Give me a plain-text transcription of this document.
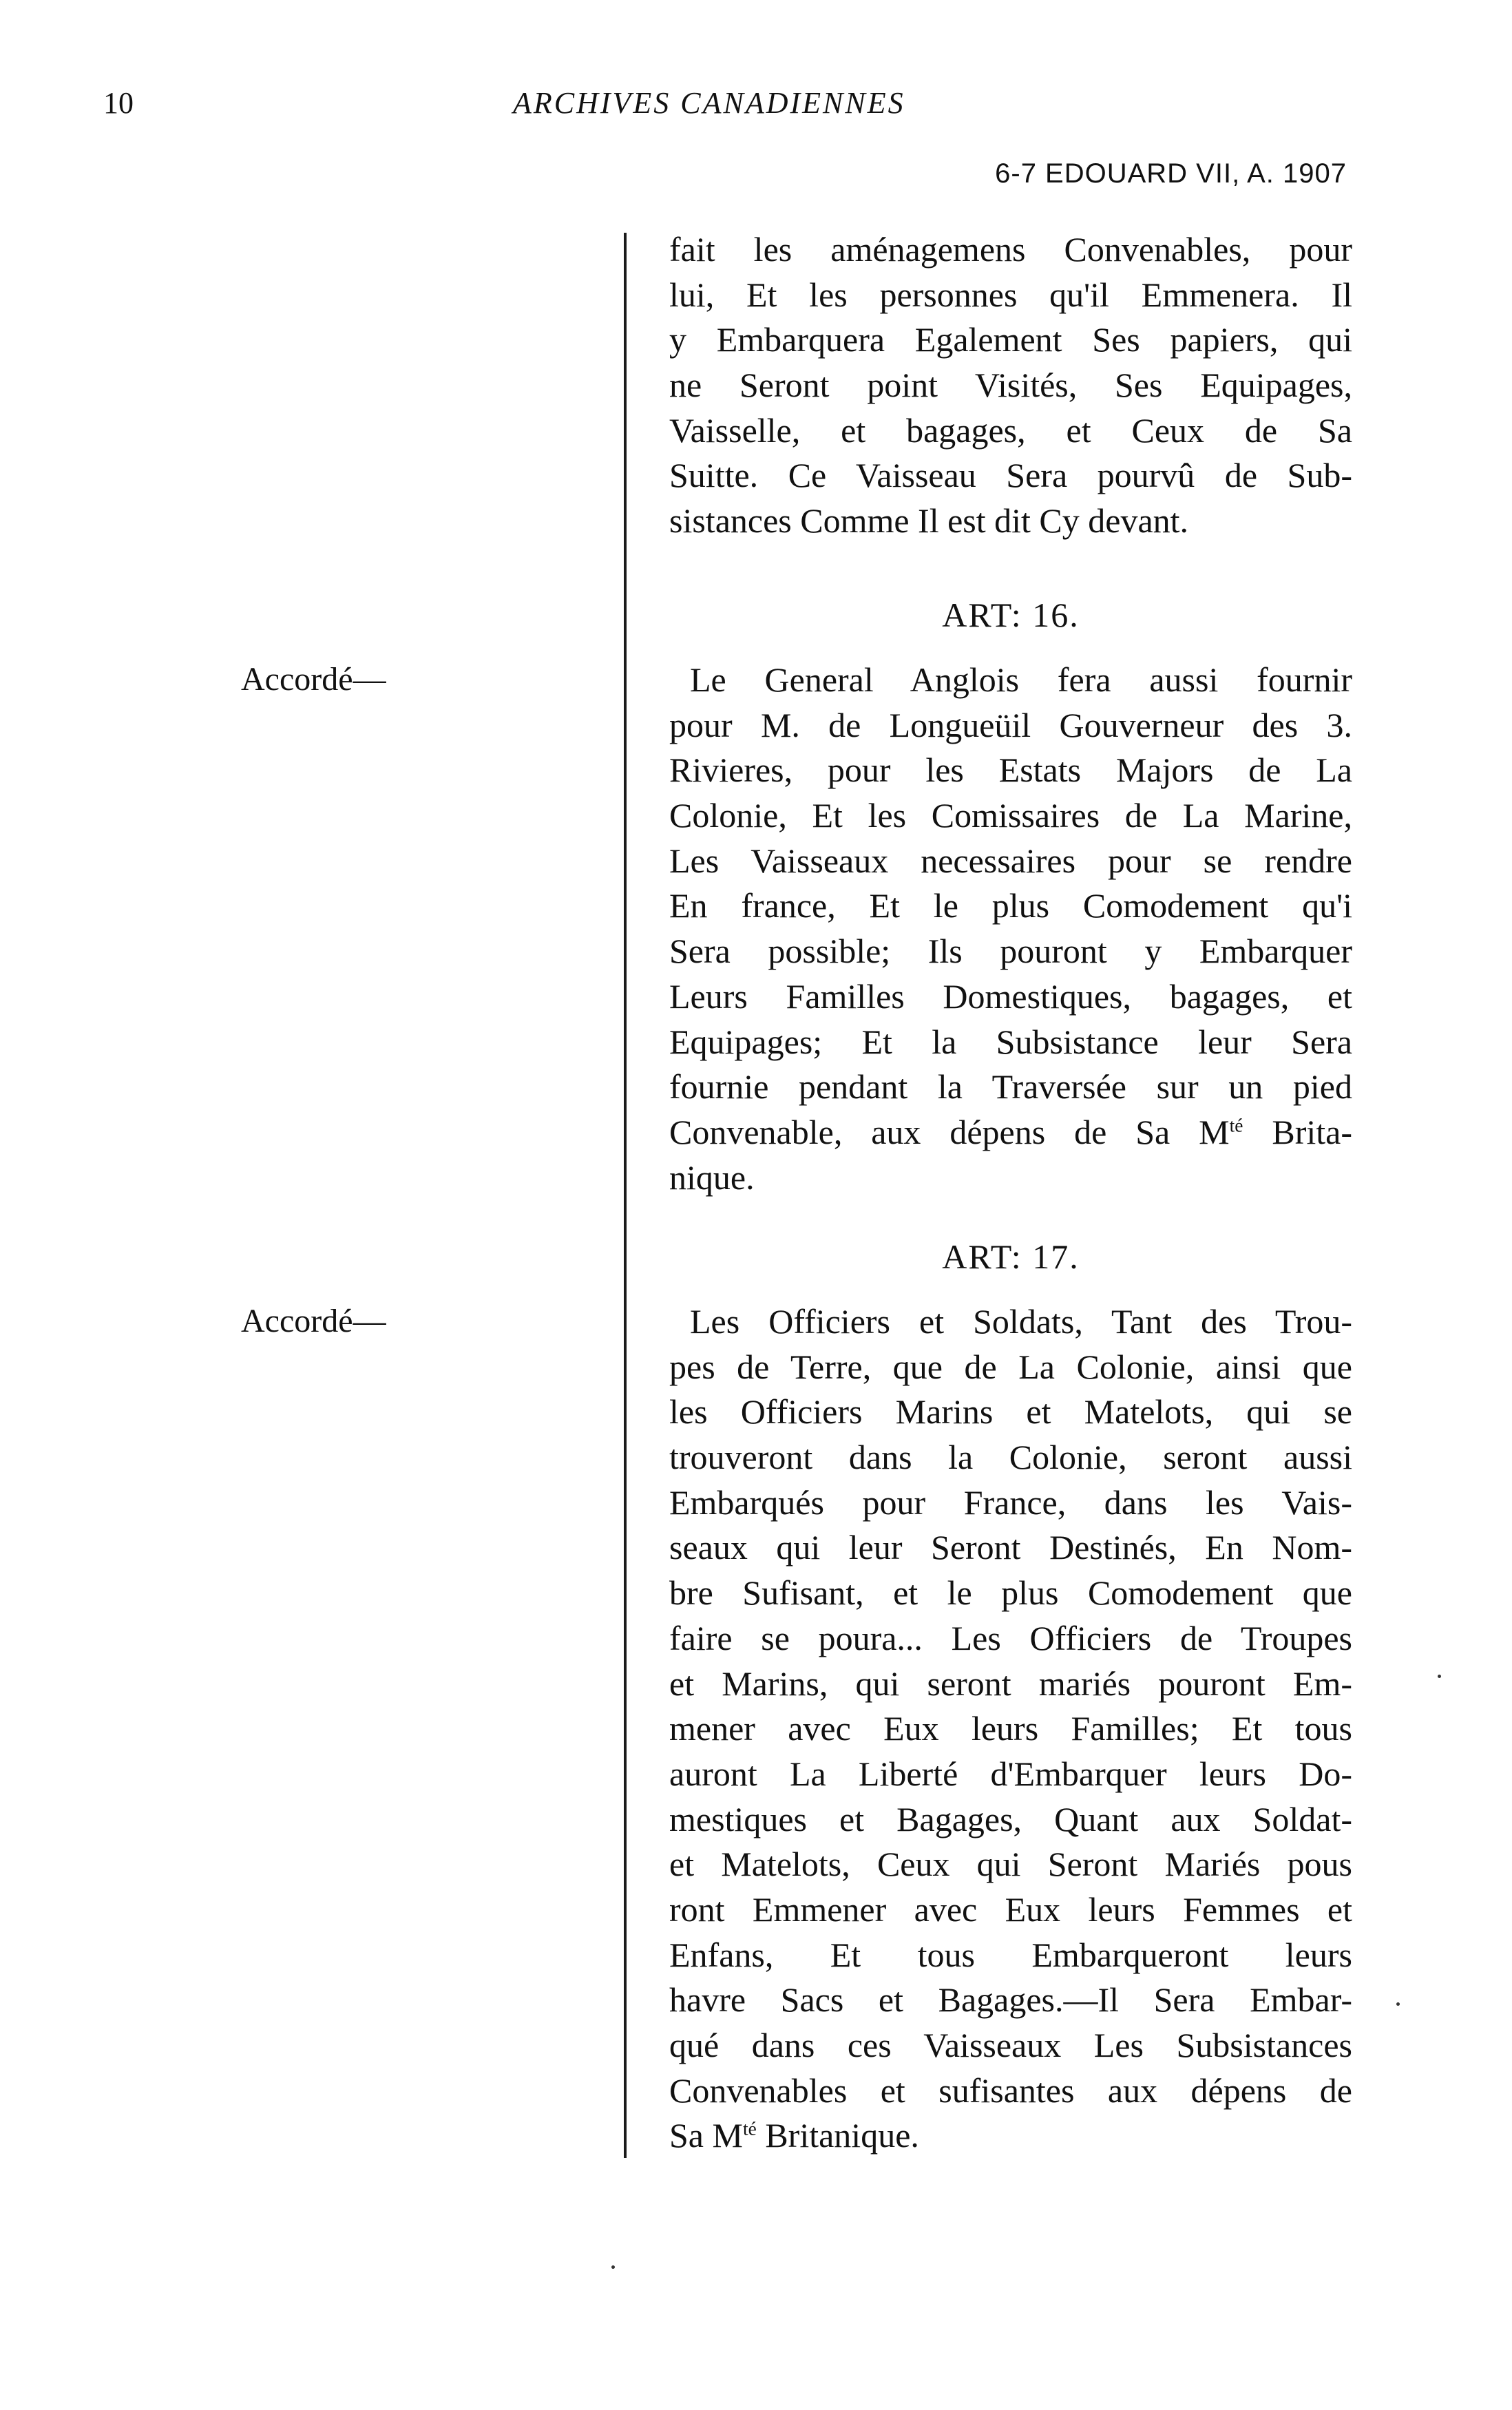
10	ARCHIVES CANADIENNES
6-7 EDOUARD VII, A. 1907
Accordé—
Accordé—
fait les aménagemens Convenables, pour
lui, Et les personnes qu'il Emmenera. Il
y Embarquera Egalement Ses papiers, qui
ne Seront point Visités, Ses Equipages,
Vaisselle, et bagages, et Ceux de Sa
Suitte. Ce Vaisseau Sera pourvû de Sub-
sistances Comme Il est dit Cy devant.
ART: 16.
Le General Anglois fera aussi fournir
pour M. de Longueüil Gouverneur des 3.
Rivieres, pour les Estats Majors de La
Colonie, Et les Comissaires de La Marine,
Les Vaisseaux necessaires pour se rendre
En france, Et le plus Comodement qu'i
Sera possible; Ils pouront y Embarquer
Leurs Familles Domestiques, bagages, et
Equipages; Et la Subsistance leur Sera
fournie pendant la Traversée sur un pied
Convenable, aux dépens de Sa $M^{té}$ Brita-
nique.
ART: 17.
Les Officiers et Soldats, Tant des Trou-
pes de Terre, que de La Colonie, ainsi que
les Officiers Marins et Matelots, qui se
trouveront dans la Colonie, seront aussi
Embarqués pour France, dans les Vais-
seaux qui leur Seront Destinés, En Nom-
bre Sufisant, et le plus Comodement que
faire se poura... Les Officiers de Troupes
et Marins, qui seront mariés pouront Em-
mener avec Eux leurs Familles; Et tous
auront La Liberté d'Embarquer leurs Do-
mestiques et Bagages, Quant aux Soldat-
et Matelots, Ceux qui Seront Mariés pous
ront Emmener avec Eux leurs Femmes et
Enfans, Et tous Embarqueront leurs
havre Sacs et Bagages.—Il Sera Embar-
qué dans ces Vaisseaux Les Subsistances
Convenables et sufisantes aux dépens de
Sa $M^{té}$ Britanique.
